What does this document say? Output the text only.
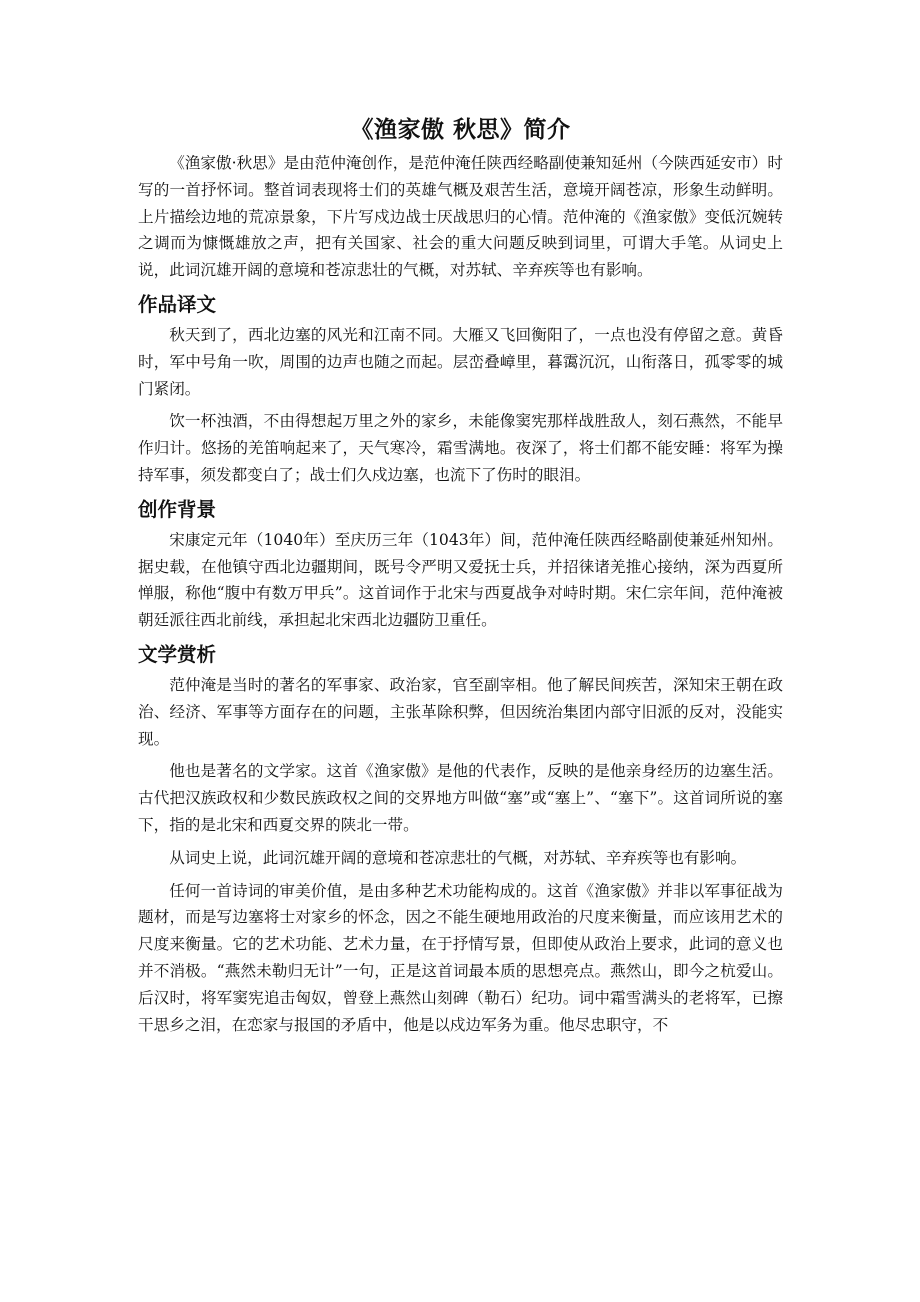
《渔家傲 秋思》简介

《渔家傲·秋思》是由范仲淹创作，是范仲淹任陕西经略副使兼知延州（今陕西延安市）时写的一首抒怀词。整首词表现将士们的英雄气概及艰苦生活，意境开阔苍凉，形象生动鲜明。上片描绘边地的荒凉景象，下片写戍边战士厌战思归的心情。范仲淹的《渔家傲》变低沉婉转之调而为慷慨雄放之声，把有关国家、社会的重大问题反映到词里，可谓大手笔。从词史上说，此词沉雄开阔的意境和苍凉悲壮的气概，对苏轼、辛弃疾等也有影响。

作品译文

秋天到了，西北边塞的风光和江南不同。大雁又飞回衡阳了，一点也没有停留之意。黄昏时，军中号角一吹，周围的边声也随之而起。层峦叠嶂里，暮霭沉沉，山衔落日，孤零零的城门紧闭。

饮一杯浊酒，不由得想起万里之外的家乡，未能像窦宪那样战胜敌人，刻石燕然，不能早作归计。悠扬的羌笛响起来了，天气寒冷，霜雪满地。夜深了，将士们都不能安睡：将军为操持军事，须发都变白了；战士们久戍边塞，也流下了伤时的眼泪。

创作背景

宋康定元年（1040年）至庆历三年（1043年）间，范仲淹任陕西经略副使兼延州知州。据史载，在他镇守西北边疆期间，既号令严明又爱抚士兵，并招徕诸羌推心接纳，深为西夏所惮服，称他“腹中有数万甲兵”。这首词作于北宋与西夏战争对峙时期。宋仁宗年间，范仲淹被朝廷派往西北前线，承担起北宋西北边疆防卫重任。

文学赏析

范仲淹是当时的著名的军事家、政治家，官至副宰相。他了解民间疾苦，深知宋王朝在政治、经济、军事等方面存在的问题，主张革除积弊，但因统治集团内部守旧派的反对，没能实现。

他也是著名的文学家。这首《渔家傲》是他的代表作，反映的是他亲身经历的边塞生活。古代把汉族政权和少数民族政权之间的交界地方叫做“塞”或“塞上”、“塞下”。这首词所说的塞下，指的是北宋和西夏交界的陕北一带。

从词史上说，此词沉雄开阔的意境和苍凉悲壮的气概，对苏轼、辛弃疾等也有影响。

任何一首诗词的审美价值，是由多种艺术功能构成的。这首《渔家傲》并非以军事征战为题材，而是写边塞将士对家乡的怀念，因之不能生硬地用政治的尺度来衡量，而应该用艺术的尺度来衡量。它的艺术功能、艺术力量，在于抒情写景，但即使从政治上要求，此词的意义也并不消极。“燕然未勒归无计”一句，正是这首词最本质的思想亮点。燕然山，即今之杭爱山。后汉时，将军窦宪追击匈奴，曾登上燕然山刻碑（勒石）纪功。词中霜雪满头的老将军，已擦干思乡之泪，在恋家与报国的矛盾中，他是以戍边军务为重。他尽忠职守，不
